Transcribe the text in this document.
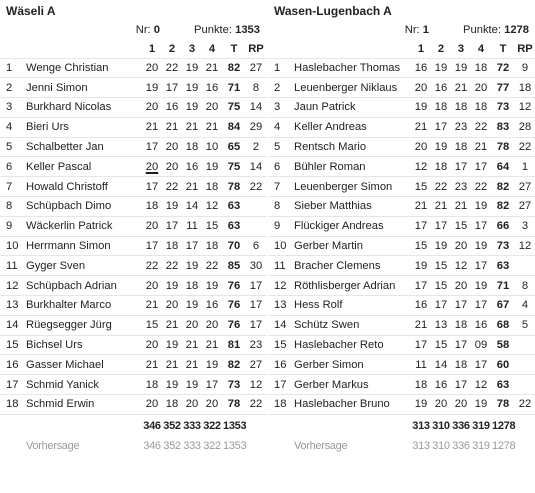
Wäseli A
Nr: 0	Punkte: 1353
		1	2	3	4	T	RP
1	Wenge Christian	20	22	19	21	82	27
2	Jenni Simon	19	17	19	16	71	8
3	Burkhard Nicolas	20	16	19	20	75	14
4	Bieri Urs	21	21	21	21	84	29
5	Schalbetter Jan	17	20	18	10	65	2
6	Keller Pascal	20	20	16	19	75	14
7	Howald Christoff	17	22	21	18	78	22
8	Schüpbach Dimo	18	19	14	12	63	
9	Wäckerlin Patrick	20	17	11	15	63	
10	Herrmann Simon	17	18	17	18	70	6
11	Gyger Sven	22	22	19	22	85	30
12	Schüpbach Adrian	20	19	18	19	76	17
13	Burkhalter Marco	21	20	19	16	76	17
14	Rüegsegger Jürg	15	21	20	20	76	17
15	Bichsel Urs	20	19	21	21	81	23
16	Gasser Michael	21	21	21	19	82	27
17	Schmid Yanick	18	19	19	17	73	12
18	Schmid Erwin	20	18	20	20	78	22
		346	352	333	322	1353	
Vorhersage		346	352	333	322	1353	
Wasen-Lugenbach A
Nr: 1	Punkte: 1278
		1	2	3	4	T	RP
1	Haslebacher Thomas	16	19	19	18	72	9
2	Leuenberger Niklaus	20	16	21	20	77	18
3	Jaun Patrick	19	18	18	18	73	12
4	Keller Andreas	21	17	23	22	83	28
5	Rentsch Mario	20	19	18	21	78	22
6	Bühler Roman	12	18	17	17	64	1
7	Leuenberger Simon	15	22	23	22	82	27
8	Sieber Matthias	21	21	21	19	82	27
9	Flückiger Andreas	17	17	15	17	66	3
10	Gerber Martin	15	19	20	19	73	12
11	Bracher Clemens	19	15	12	17	63	
12	Röthlisberger Adrian	17	15	20	19	71	8
13	Hess Rolf	16	17	17	17	67	4
14	Schütz Swen	21	13	18	16	68	5
15	Haslebacher Reto	17	15	17	09	58	
16	Gerber Simon	11	14	18	17	60	
17	Gerber Markus	18	16	17	12	63	
18	Haslebacher Bruno	19	20	20	19	78	22
		313	310	336	319	1278	
Vorhersage		313	310	336	319	1278	
